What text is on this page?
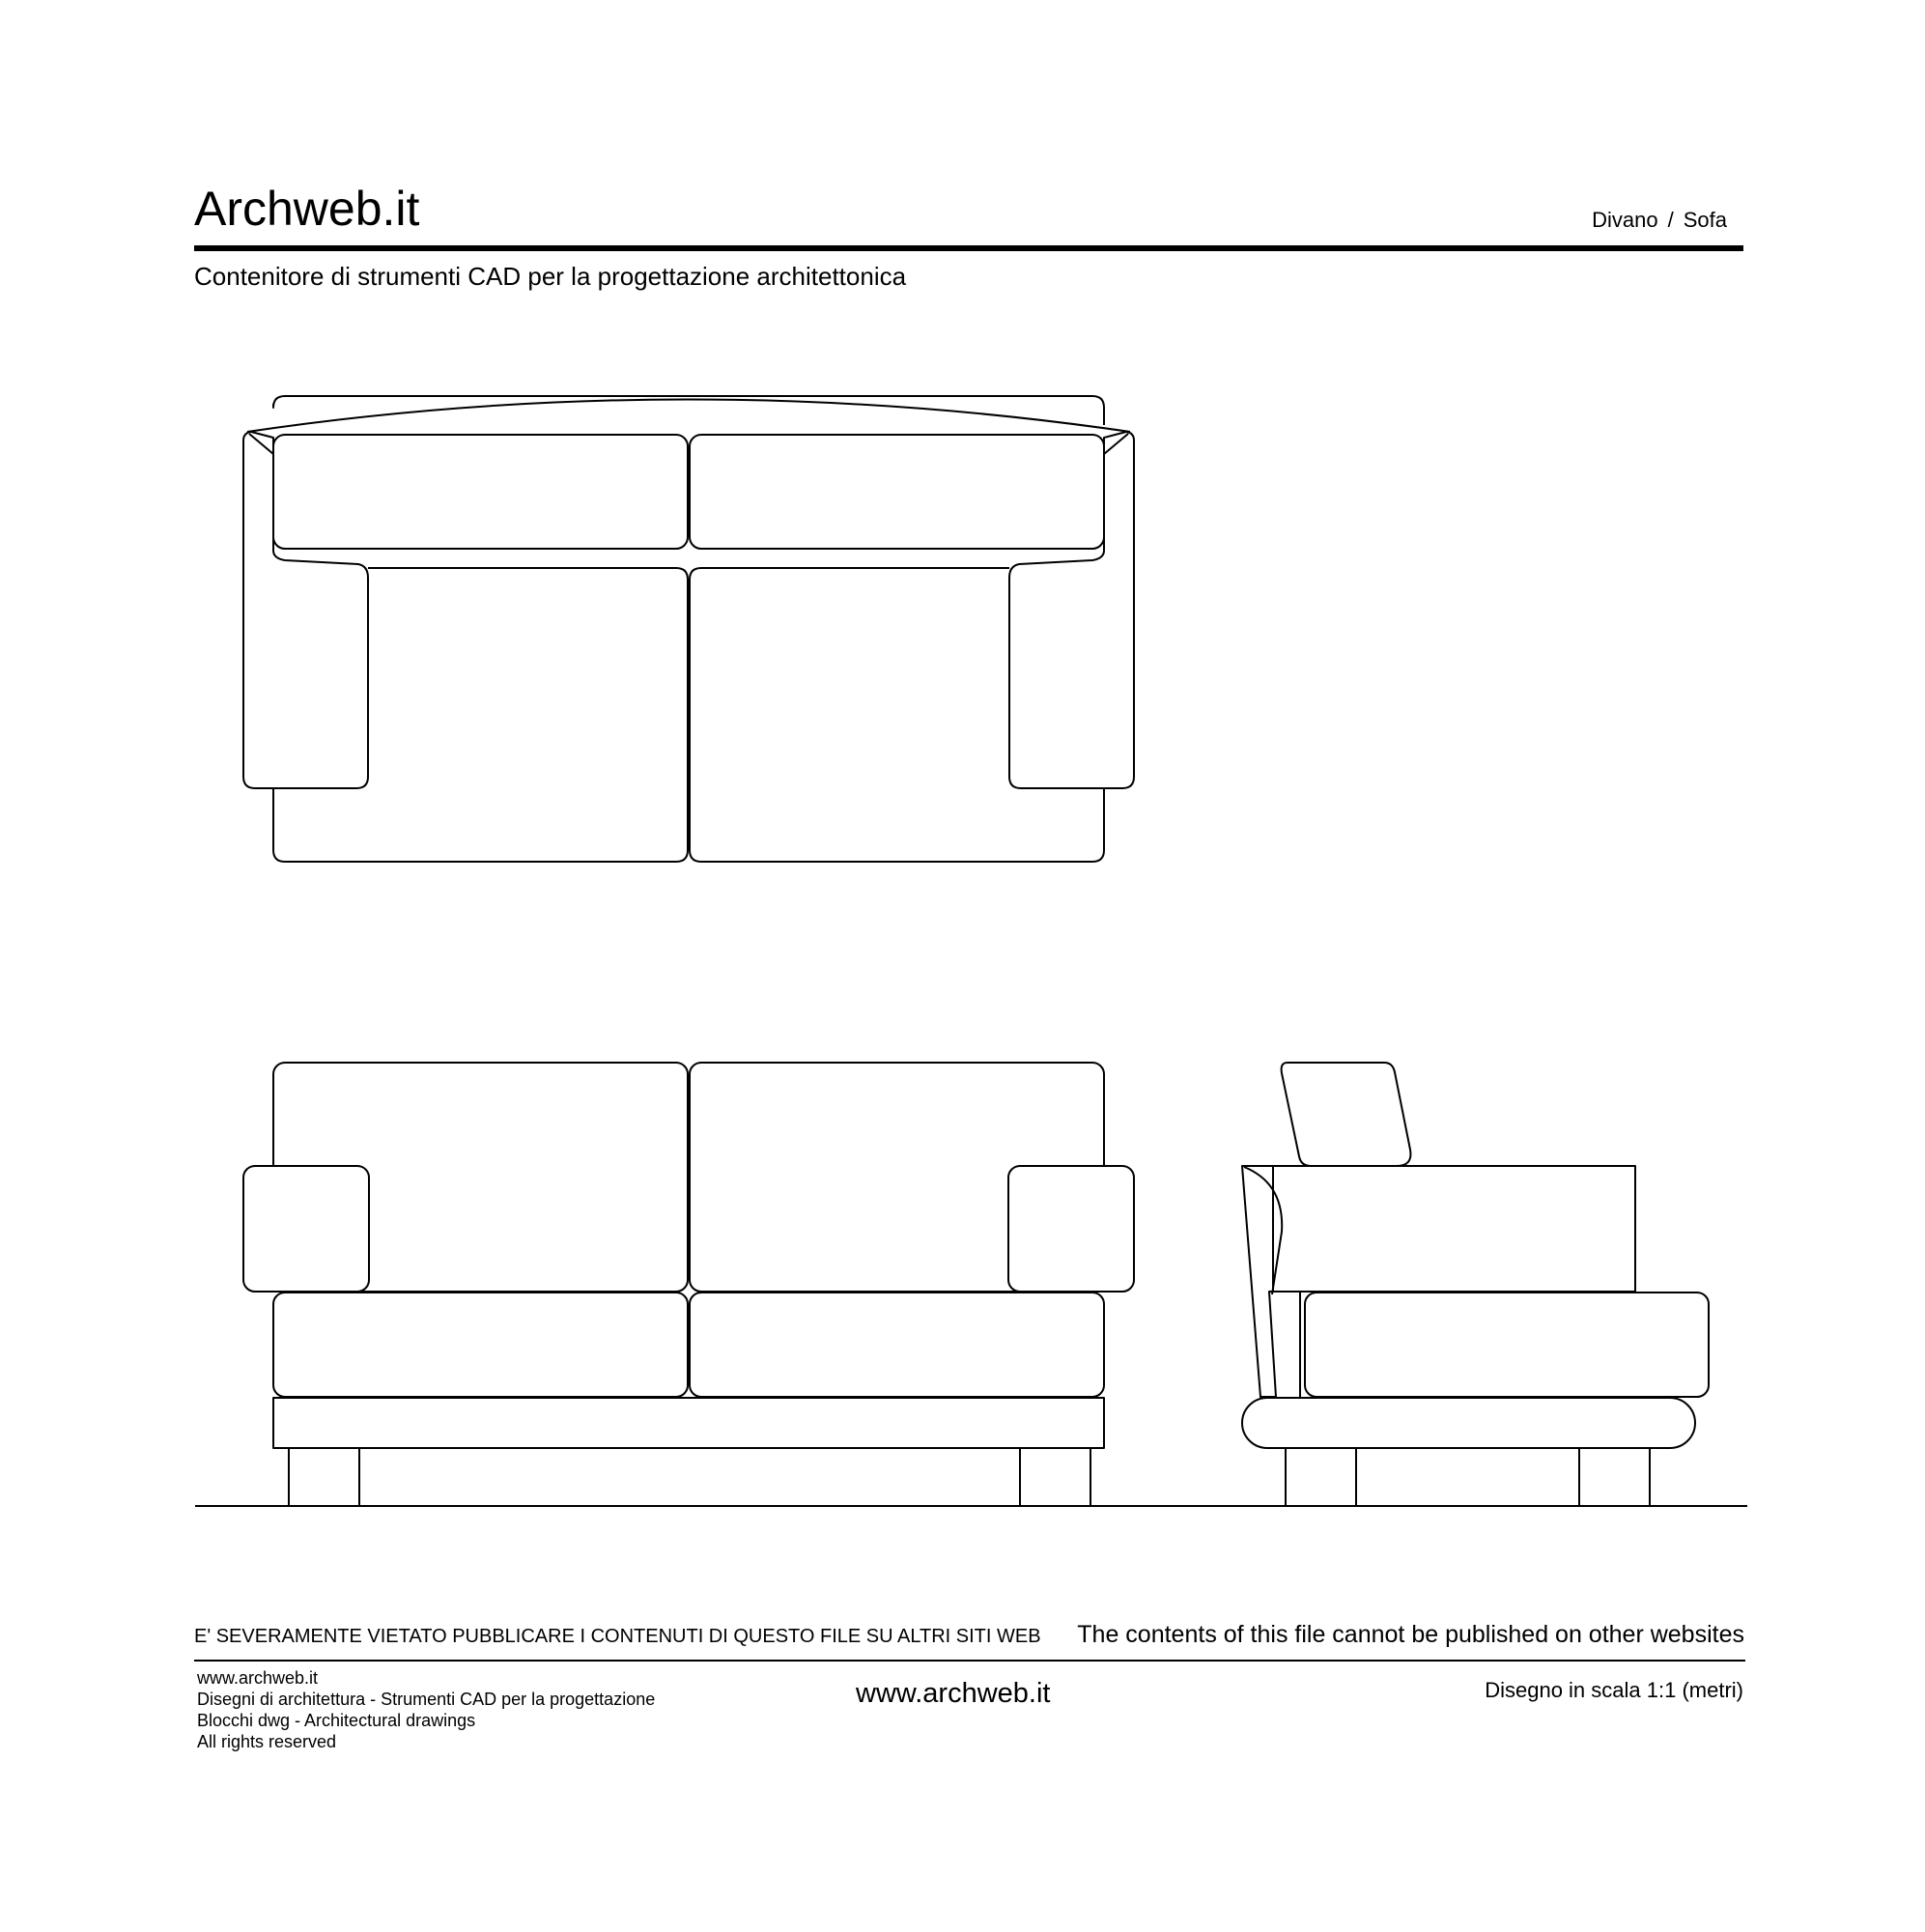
Archweb.it	Divano / Sofa
Contenitore di strumenti CAD per la progettazione architettonica
E' SEVERAMENTE VIETATO PUBBLICARE I CONTENUTI DI QUESTO FILE SU ALTRI SITI WEB The contents of this file cannot be published on other websites
www.archweb.it
Disegni di architettura - Strumenti CAD per la progettazione
Blocchi dwg - Architectural drawings
All rights reserved
www.archweb.it	Disegno in scala 1:1 (metri)
